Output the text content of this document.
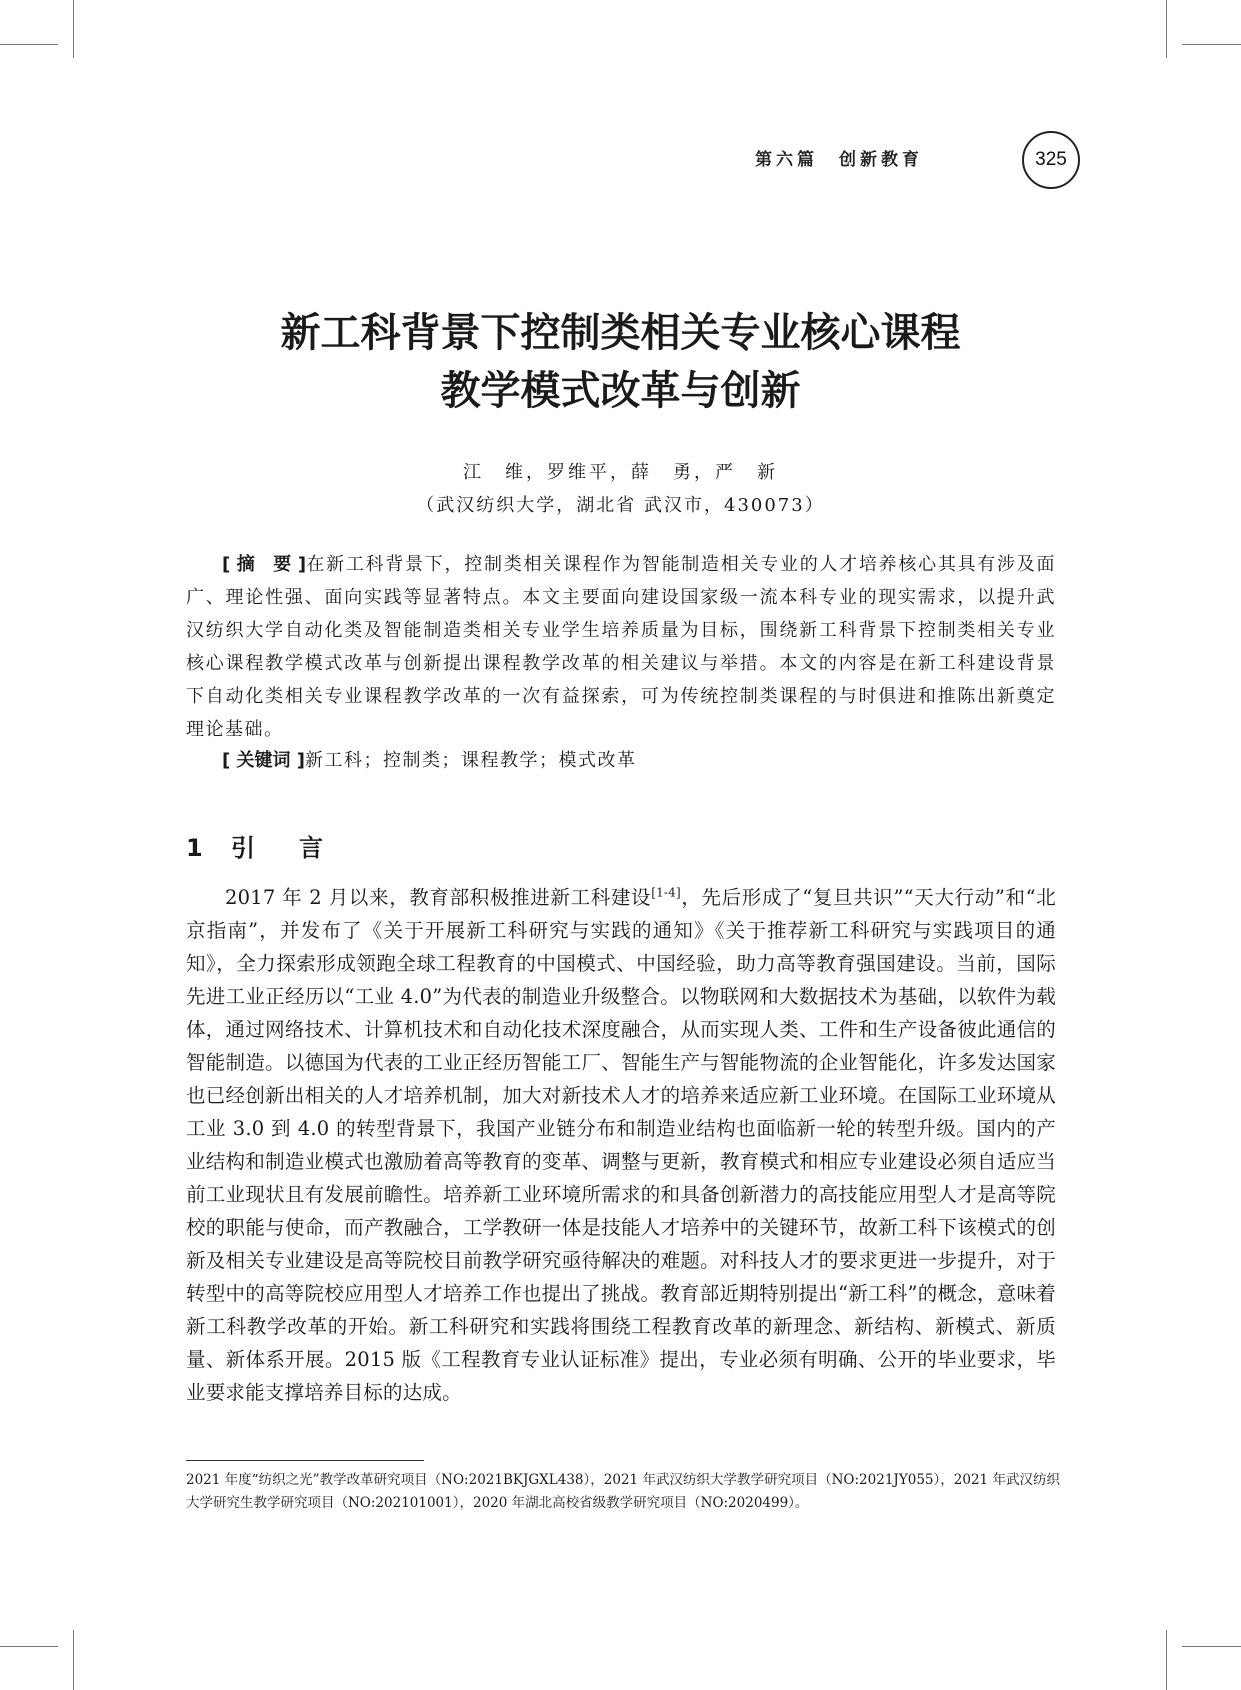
第六篇　创新教育	325
新工科背景下控制类相关专业核心课程
教学模式改革与创新
江　维，罗维平，薛　勇，严　新
（武汉纺织大学，湖北省 武汉市，430073）
[ 摘　要 ]在新工科背景下，控制类相关课程作为智能制造相关专业的人才培养核心其具有涉及面广、理论性强、面向实践等显著特点。本文主要面向建设国家级一流本科专业的现实需求，以提升武汉纺织大学自动化类及智能制造类相关专业学生培养质量为目标，围绕新工科背景下控制类相关专业核心课程教学模式改革与创新提出课程教学改革的相关建议与举措。本文的内容是在新工科建设背景下自动化类相关专业课程教学改革的一次有益探索，可为传统控制类课程的与时俱进和推陈出新奠定理论基础。
[ 关键词 ]新工科；控制类；课程教学；模式改革
1 引　言
2017 年 2 月以来，教育部积极推进新工科建设[1-4]，先后形成了“复旦共识”“天大行动”和“北京指南”，并发布了《关于开展新工科研究与实践的通知》《关于推荐新工科研究与实践项目的通知》，全力探索形成领跑全球工程教育的中国模式、中国经验，助力高等教育强国建设。当前，国际先进工业正经历以“工业 4.0”为代表的制造业升级整合。以物联网和大数据技术为基础，以软件为载体，通过网络技术、计算机技术和自动化技术深度融合，从而实现人类、工件和生产设备彼此通信的智能制造。以德国为代表的工业正经历智能工厂、智能生产与智能物流的企业智能化，许多发达国家也已经创新出相关的人才培养机制，加大对新技术人才的培养来适应新工业环境。在国际工业环境从工业 3.0 到 4.0 的转型背景下，我国产业链分布和制造业结构也面临新一轮的转型升级。国内的产业结构和制造业模式也激励着高等教育的变革、调整与更新，教育模式和相应专业建设必须自适应当前工业现状且有发展前瞻性。培养新工业环境所需求的和具备创新潜力的高技能应用型人才是高等院校的职能与使命，而产教融合，工学教研一体是技能人才培养中的关键环节，故新工科下该模式的创新及相关专业建设是高等院校目前教学研究亟待解决的难题。对科技人才的要求更进一步提升，对于转型中的高等院校应用型人才培养工作也提出了挑战。教育部近期特别提出“新工科”的概念，意味着新工科教学改革的开始。新工科研究和实践将围绕工程教育改革的新理念、新结构、新模式、新质量、新体系开展。2015 版《工程教育专业认证标准》提出，专业必须有明确、公开的毕业要求，毕业要求能支撑培养目标的达成。
2021 年度“纺织之光”教学改革研究项目（NO:2021BKJGXL438），2021 年武汉纺织大学教学研究项目（NO:2021JY055），2021 年武汉纺织大学研究生教学研究项目（NO:202101001），2020 年湖北高校省级教学研究项目（NO:2020499）。
